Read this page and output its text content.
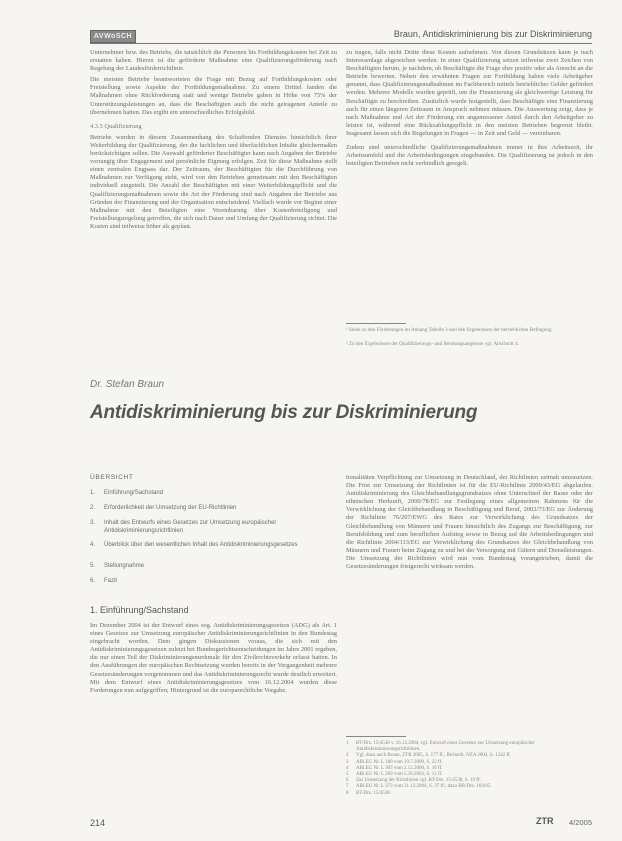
AVWoSCH	Braun, Antidiskriminierung bis zur Diskriminierung

Unternehmer bzw. des Betriebs, die tatsächlich die Personen bis Fortbildungskosten bei Zeit zu erstatten haben. Hierzu ist die geförderte Maßnahme eine Qualifizierungsförderung nach Regelung der Landesförderrichtlinie.

Die meisten Betriebe beantworteten die Frage mit Bezug auf Fortbildungskosten oder Freistellung sowie Aspekte der Fortbildungsmaßnahme. Zu einem Drittel fanden die Maßnahmen ohne Rückforderung statt und wenige Betriebe gaben in Höhe von 75% der Unterstützungsleistungen an, dass die Beschäftigten auch die nicht getragenen Anteile zu übernehmen hatten. Das ergibt ein unterschiedliches Erfolgsbild.

4.3.5 Qualifizierung

Betriebe wurden in diesem Zusammenhang des Schaffenden Dienstes hinsichtlich ihrer Weiterbildung der Qualifizierung, der die fachlichen und überfachlichen Inhalte gleichermaßen berücksichtigen sollen. Die Auswahl geförderter Beschäftigter kann nach Angaben der Betriebe vorrangig über Engagement und persönliche Eignung erfolgen. Zeit für diese Maßnahme stellt einen zentralen Engpass dar. Der Zeitraum, der Beschäftigten für die Durchführung von Maßnahmen zur Verfügung steht, wird von den Betrieben gemeinsam mit den Beschäftigten individuell eingeteilt. Die Anzahl der Beschäftigten mit einer Weiterbildungspflicht und die Qualifizierungsmaßnahmen sowie die Art der Förderung sind nach Angaben der Betriebe aus Gründen der Finanzierung und der Organisation entscheidend. Vielfach wurde vor Beginn einer Maßnahme mit den Beteiligten eine Vereinbarung über Kostenbeteiligung und Freistellungsregelung getroffen, die sich nach Dauer und Umfang der Qualifizierung richtet. Die Kosten sind teilweise höher als geplant.

zu tragen, falls nicht Dritte diese Kosten aufnehmen. Von diesen Grundsätzen kann je nach Interessenlage abgewichen werden. In einer Qualifizierung setzen teilweise zwei Zeichen von Beschäftigten herum, je nachdem, ob Beschäftigte die Frage eher positiv oder als Anrecht an die Betriebe bewerten. Neben den erwähnten Fragen zur Fortbildung haben viele Arbeitgeber genannt, dass Qualifizierungsmaßnahmen im Fachbereich mittels betrieblicher Gelder gefördert werden. Mehrere Modelle wurden geprüft, um die Finanzierung als gleichwertige Leistung für Beschäftigte zu beschreiben. Zusätzlich wurde festgestellt, dass Beschäftigte eine Finanzierung auch für einen längeren Zeitraum in Anspruch nehmen müssen. Die Auswertung zeigt, dass je nach Maßnahme und Art der Förderung ein angemessener Anteil durch den Arbeitgeber zu leisten ist, während eine Rückzahlungspflicht in den meisten Betrieben begrenzt bleibt. Insgesamt lassen sich die Regelungen in Fragen — in Zeit und Geld — vereinbaren.

Zudem sind unterschiedliche Qualifizierungsmaßnahmen immer in ihre Arbeitszeit, ihr Arbeitsumfeld und die Arbeitsbedingungen eingebunden. Die Qualifizierung ist jedoch in den beteiligten Betrieben nicht verbindlich geregelt.

¹ Siehe zu den Förderungen im Anhang Tabelle 3 und den Ergebnissen der betrieblichen Befragung.
² Zu den Ergebnissen der Qualifizierungs- und Beratungsangebote vgl. Abschnitt 4.
Dr. Stefan Braun
Antidiskriminierung bis zur Diskriminierung
ÜBERSICHT
1.	Einführung/Sachstand
2.	Erforderlichkeit der Umsetzung der EU-Richtlinien
3.	Inhalt des Entwurfs eines Gesetzes zur Umsetzung europäischer Antidiskriminierungsrichtlinien
4.	Überblick über den wesentlichen Inhalt des Antidiskriminierungsgesetzes
5.	Stellungnahme
6.	Fazit
1. Einführung/Sachstand

Im Dezember 2004 ist der Entwurf eines sog. Antidiskriminierungsgesetzes (ADG) als Art. 1 eines Gesetzes zur Umsetzung europäischer Antidiskriminierungsrichtlinien in den Bundestag eingebracht worden. Dem gingen Diskussionen voraus, die sich mit den Antidiskriminierungsgesetzen zuletzt bei Bundesgerichtsentscheidungen im Jahre 2001 ergeben, die nur einen Teil der Diskriminierungsmerkmale für den Zivilrechtsverkehr erfasst hatten. In den Ausführungen der europäischen Rechtsetzung wurden bereits in der Vergangenheit mehrere Gesetzesänderungen vorgenommen und das Antidiskriminierungsrecht wurde deutlich erweitert. Mit dem Entwurf eines Antidiskriminierungsgesetzes vom 16.12.2004 wurden diese Forderungen nun aufgegriffen; Hintergrund ist die europarechtliche Vorgabe.

tionalitäten Verpflichtung zur Umsetzung in Deutschland, der Richtlinien zeitnah umzusetzen. Die Frist zur Umsetzung der Richtlinien ist für die EU-Richtlinie 2000/43/EG abgelaufen. Antidiskriminierung des Gleichbehandlungsgrundsatzes ohne Unterschied der Rasse oder der ethnischen Herkunft, 2000/78/EG zur Festlegung eines allgemeinen Rahmens für die Verwirklichung der Gleichbehandlung in Beschäftigung und Beruf, 2002/73/EG zur Änderung der Richtlinie 76/207/EWG des Rates zur Verwirklichung des Grundsatzes der Gleichbehandlung von Männern und Frauen hinsichtlich des Zugangs zur Beschäftigung, zur Berufsbildung und zum beruflichen Aufstieg sowie in Bezug auf die Arbeitsbedingungen und die Richtlinie 2004/113/EG zur Verwirklichung des Grundsatzes der Gleichbehandlung von Männern und Frauen beim Zugang zu und bei der Versorgung mit Gütern und Dienstleistungen. Die Umsetzung der Richtlinien wird nun vom Bundestag vorangetrieben, damit die Gesetzesänderungen fristgerecht wirksam werden.

1 BT-Drs. 15/4538 v. 16.12.2004, vgl. Entwurf eines Gesetzes zur Umsetzung europäischer Antidiskriminierungsrichtlinien.
2 Vgl. dazu auch Braun, ZTR 2005, S. 177 ff.; Richardi, NZA 2004, S. 1342 ff.
3 ABl.EG Nr. L 180 vom 19.7.2000, S. 22 ff.
4 ABl.EG Nr. L 303 vom 2.12.2000, S. 16 ff.
5 ABl.EG Nr. L 269 vom 5.10.2002, S. 15 ff.
6 Zur Umsetzung der Richtlinien vgl. BT-Drs. 15/4538, S. 19 ff.
7 ABl.EU Nr. L 373 vom 21.12.2004, S. 37 ff.; dazu BR-Drs. 103/05.
8 BT-Drs. 15/4538.
214	ZTR 4/2005
